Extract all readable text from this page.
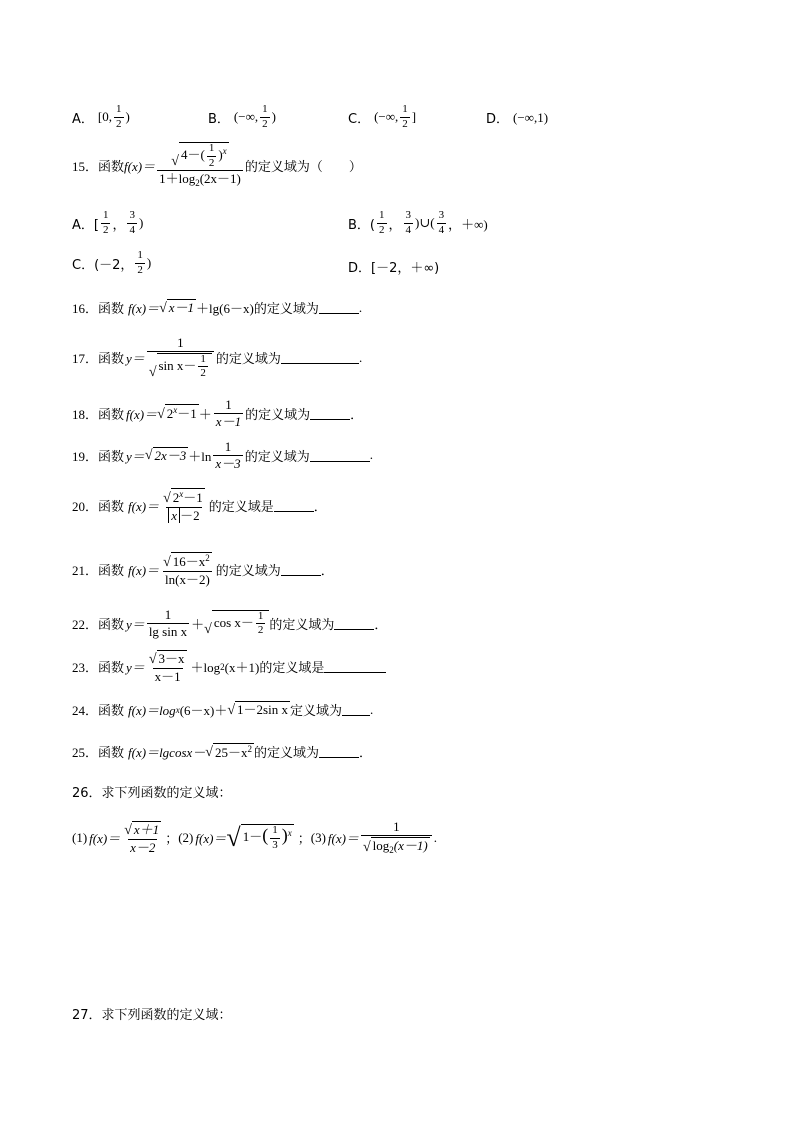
A． [0, $\frac{1}{2}$ )	B． (−∞, $\frac{1}{2}$ )	C． (−∞, $\frac{1}{2}$ ]	D． (−∞,1)
15． 函数 $f(x)= \frac{√ 4-( \frac{1}{2} )^x}{1+\log_2(2x-1)}$ 的定义域为（　　）
A．[ $\frac{1}{2}$ ， $\frac{3}{4}$ )	B．( $\frac{1}{2}$ ， $\frac{3}{4}$ )∪( $\frac{3}{4}$ ，＋∞)
C．(－2， $\frac{1}{2}$ )	D．[－2，＋∞)
16． 函数 f(x)＝ √ x－1 ＋lg(6－x) 的定义域为	.
17． 函数 $y= \frac{1}{√ \sin x- \frac{1}{2}}$ 的定义域为	.
18． 函数 f(x)＝ √ $2^x-1 + \frac{1}{x-1}$ 的定义域为	．
19． 函数 y＝ √ $2x-3 +\ln \frac{1}{x-3}$ 的定义域为	.
20． 函数 $f(x)= \frac{√ 2^x-1}{x -2}$ 的定义域是	．
21． 函数 $f(x)= \frac{√ 16-x^2}{\ln(x-2)}$ 的定义域为	．
22． 函数 $y= \frac{1}{\text{lg sin x}}$ ＋ √ $\cos x- \frac{1}{2}$ 的定义域为	．
23． 函数 $y= \frac{√ 3-x}{x-1} +\log$ 2 (x＋1) 的定义域是
24． 函数 f(x)＝log x (6－x)＋ √ 1－2sin x 定义域为 .
25． 函数 f(x)＝lgcosx－ √ $25-x^2$ 的定义域为	．
26．求下列函数的定义域：
(1) $f(x)= \frac{√ x+1}{x-2}$ ； (2) f(x)＝ √ $1-( \frac{1}{3} )^x$ ； (3) $f(x)= \frac{1}{√ \log_2(x-1)}$ .
27．求下列函数的定义域：
